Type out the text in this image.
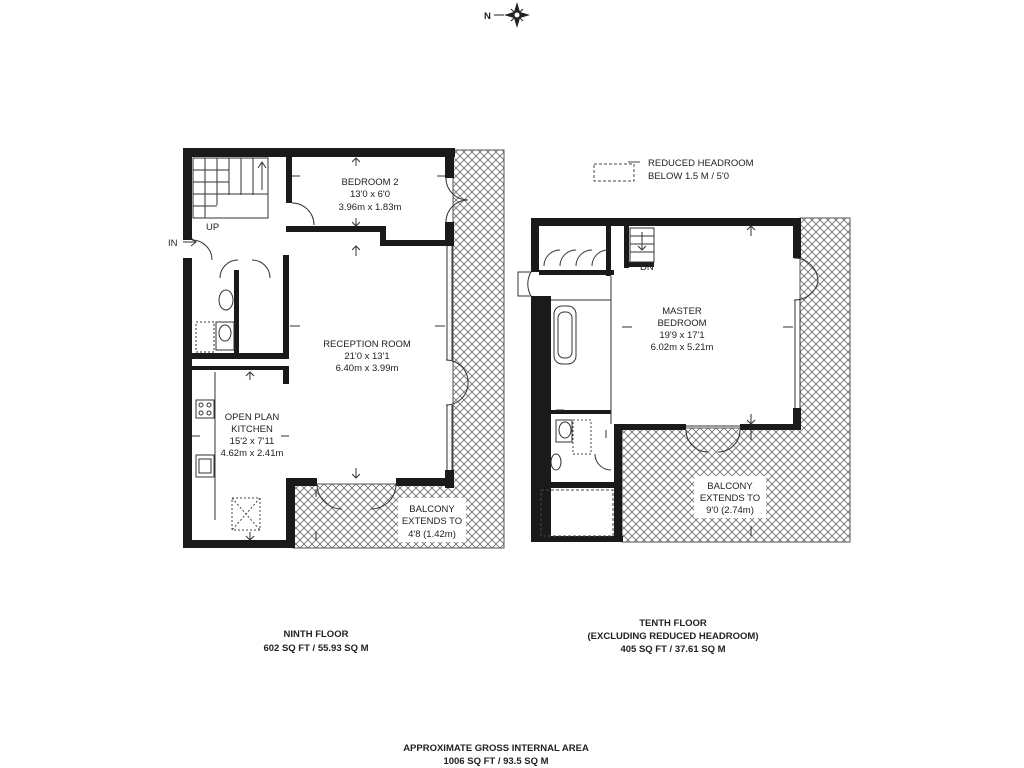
N
REDUCED HEADROOM
BELOW 1.5 M / 5'0
UP
IN
BEDROOM 2
13'0 x 6'0
3.96m x 1.83m
RECEPTION ROOM
21'0 x 13'1
6.40m x 3.99m
OPEN PLAN
KITCHEN
15'2 x 7'11
4.62m x 2.41m
BALCONY
EXTENDS TO
4'8 (1.42m)
DN
MASTER
BEDROOM
19'9 x 17'1
6.02m x 5.21m
BALCONY
EXTENDS TO
9'0 (2.74m)
NINTH FLOOR
602 SQ FT / 55.93 SQ M
TENTH FLOOR
(EXCLUDING REDUCED HEADROOM)
405 SQ FT / 37.61 SQ M
APPROXIMATE GROSS INTERNAL AREA
1006 SQ FT / 93.5 SQ M
